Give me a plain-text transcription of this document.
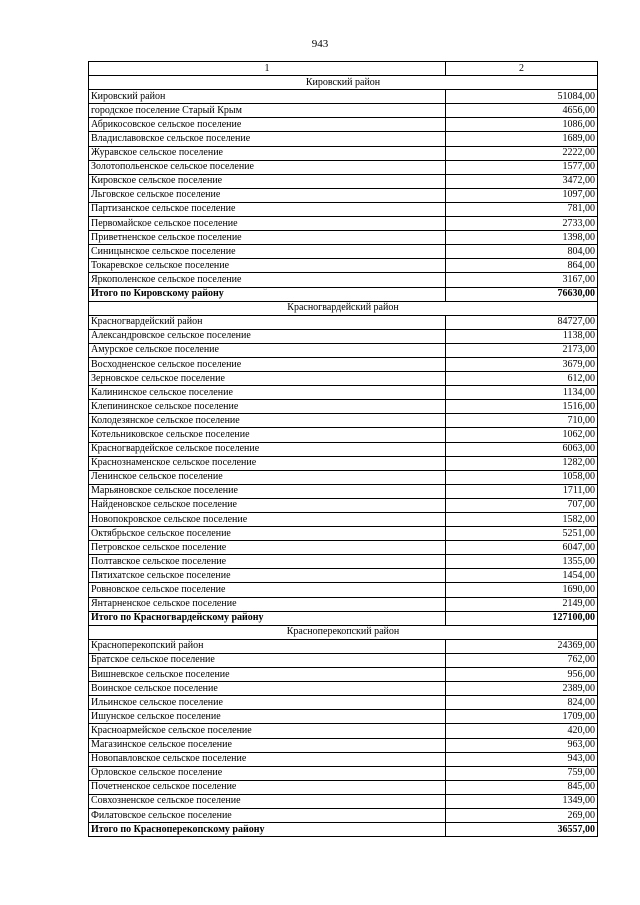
943
1	2
Кировский район	
Кировский район	51084,00
городское поселение Старый Крым	4656,00
Абрикосовское сельское поселение	1086,00
Владиславовское сельское поселение	1689,00
Журавское сельское поселение	2222,00
Золотопольенское сельское поселение	1577,00
Кировское сельское поселение	3472,00
Льговское сельское поселение	1097,00
Партизанское сельское поселение	781,00
Первомайское сельское поселение	2733,00
Приветненское сельское поселение	1398,00
Синицынское сельское поселение	804,00
Токаревское сельское поселение	864,00
Яркополенское сельское поселение	3167,00
Итого по Кировскому району	76630,00
Красногвардейский район	
Красногвардейский район	84727,00
Александровское сельское поселение	1138,00
Амурское сельское поселение	2173,00
Восходненское сельское поселение	3679,00
Зерновское сельское поселение	612,00
Калининское сельское поселение	1134,00
Клепининское сельское поселение	1516,00
Колодезянское сельское поселение	710,00
Котельниковское сельское поселение	1062,00
Красногвардейское сельское поселение	6063,00
Краснознаменское сельское поселение	1282,00
Ленинское сельское поселение	1058,00
Марьяновское сельское поселение	1711,00
Найденовское сельское поселение	707,00
Новопокровское сельское поселение	1582,00
Октябрьское сельское поселение	5251,00
Петровское сельское поселение	6047,00
Полтавское сельское поселение	1355,00
Пятихатское сельское поселение	1454,00
Ровновское сельское поселение	1690,00
Янтарненское сельское поселение	2149,00
Итого по Красногвардейскому району	127100,00
Красноперекопский район	
Красноперекопский район	24369,00
Братское сельское поселение	762,00
Вишневское сельское поселение	956,00
Воинское сельское поселение	2389,00
Ильинское сельское поселение	824,00
Ишунское сельское поселение	1709,00
Красноармейское сельское поселение	420,00
Магазинское сельское поселение	963,00
Новопавловское сельское поселение	943,00
Орловское сельское поселение	759,00
Почетненское сельское поселение	845,00
Совхозненское сельское поселение	1349,00
Филатовское сельское поселение	269,00
Итого по Красноперекопскому району	36557,00
